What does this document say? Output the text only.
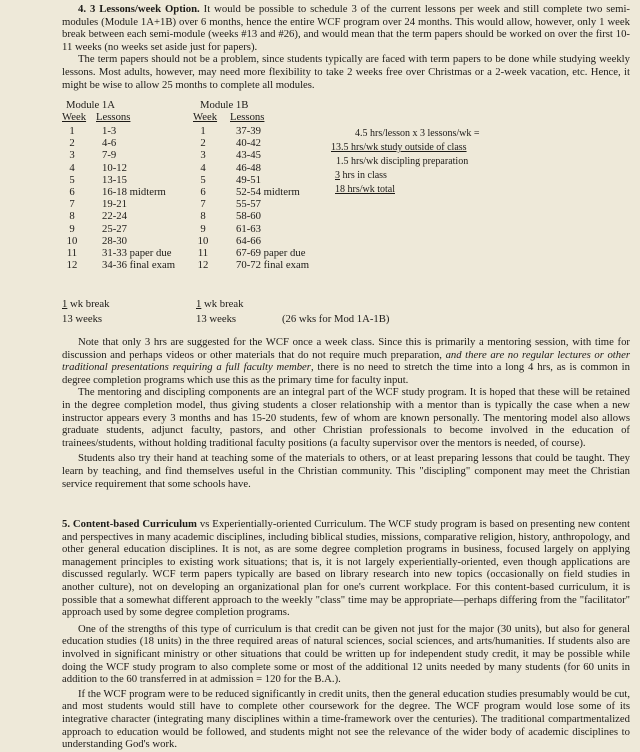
4. 3 Lessons/week Option. It would be possible to schedule 3 of the current lessons per week and still complete two semi-modules (Module 1A+1B) over 6 months, hence the entire WCF program over 24 months. This would allow, however, only 1 week break between each semi-module (weeks #13 and #26), and would mean that the term papers should be worked on over the first 10-11 weeks (no weeks set aside just for papers).

The term papers should not be a problem, since students typically are faced with term papers to be done while studying weekly lessons. Most adults, however, may need more flexibility to take 2 weeks free over Christmas or a 2-week vacation, etc. Hence, it might be wise to allow 25 months to complete all modules.

Module 1A
Week Lessons
1
2
3
4
5
6
7
8
9
10
11
12
1-3
4-6
7-9
10-12
13-15
16-18 midterm
19-21
22-24
25-27
28-30
31-33 paper due
34-36 final exam
1 wk break
13 weeks
Module 1B
Week Lessons
1
2
3
4
5
6
7
8
9
10
11
12
37-39
40-42
43-45
46-48
49-51
52-54 midterm
55-57
58-60
61-63
64-66
67-69 paper due
70-72 final exam
1 wk break
13 weeks	(26 wks for Mod 1A-1B)
4.5 hrs/lesson x 3 lessons/wk =
13.5 hrs/wk study outside of class
1.5 hrs/wk discipling preparation
3 hrs in class
18 hrs/wk total

Note that only 3 hrs are suggested for the WCF once a week class. Since this is primarily a mentoring session, with time for discussion and perhaps videos or other materials that do not require much preparation, and there are no regular lectures or other traditional presentations requiring a full faculty member, there is no need to stretch the time into a long 4 hrs, as is common in degree completion programs which use this as the primary time for faculty input.

The mentoring and discipling components are an integral part of the WCF study program. It is hoped that these will be retained in the degree completion model, thus giving students a closer relationship with a mentor than is typically the case when a new instructor appears every 3 months and has 15-20 students, few of whom are known personally. The mentoring model also allows graduate students, adjunct faculty, pastors, and other Christian professionals to become involved in the education of trainees/students, without holding traditional faculty positions (a faculty supervisor over the mentors is needed, of course).

Students also try their hand at teaching some of the materials to others, or at least preparing lessons that could be taught. They learn by teaching, and find themselves useful in the Christian community. This "discipling" component may meet the Christian service requirement that some schools have.

5. Content-based Curriculum vs Experientially-oriented Curriculum. The WCF study program is based on presenting new content and perspectives in many academic disciplines, including biblical studies, missions, comparative religion, history, anthropology, and other general education disciplines. It is not, as are some degree completion programs in business, focused largely on applying management principles to existing work situations; that is, it is not largely experientially-oriented, even though applications are discussed regularly. WCF term papers typically are based on library research into new topics (occasionally on field studies in another culture), not on developing an organizational plan for one's current workplace. For this content-based curriculum, it is possible that a somewhat different approach to the weekly "class" time may be appropriate—perhaps differing from the "facilitator" approach used by some degree completion programs.

One of the strengths of this type of curriculum is that credit can be given not just for the major (30 units), but also for general education studies (18 units) in the three required areas of natural sciences, social sciences, and arts/humanities. If students also are involved in significant ministry or other situations that could be written up for independent study credit, it may be possible while doing the WCF study program to also complete some or most of the additional 12 units needed by many students (for 60 units in addition to the 60 transferred in at admission = 120 for the B.A.).

If the WCF program were to be reduced significantly in credit units, then the general education studies presumably would be cut, and most students would still have to complete other coursework for the degree. The WCF program would lose some of its integrative character (integrating many disciplines within a time-framework over the centuries). The traditional compartmentalized approach to education would be followed, and students might not see the relevance of the wider body of academic disciplines to understanding God's work.
